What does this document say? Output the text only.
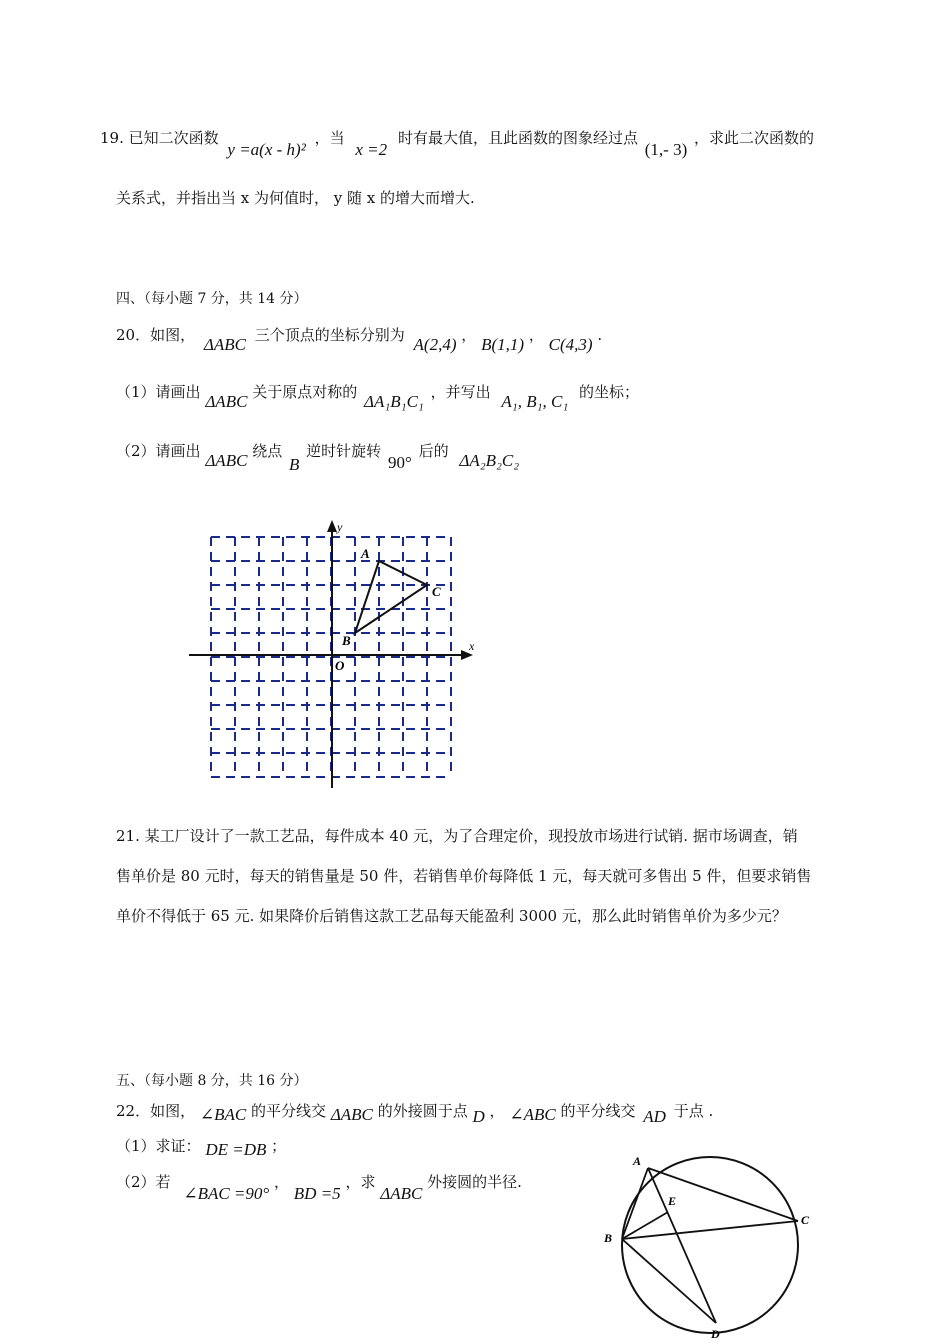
19. 已知二次函数 y =a(x - h)² ，当 x =2 时有最大值，且此函数的图象经过点 (1,- 3) ，求此二次函数的
关系式，并指出当 x 为何值时， y 随 x 的增大而增大.
四、（每小题 7 分，共 14 分）
20．如图， ΔABC 三个顶点的坐标分别为 A(2,4) ， B(1,1) ， C(4,3) .
（1）请画出 ΔABC 关于原点对称的 ΔA₁B₁C₁ ，并写出 A₁, B₁, C₁ 的坐标；
（2）请画出 ΔABC 绕点 B 逆时针旋转 90° 后的 ΔA₂B₂C₂
x
y
O
A
B
C
21. 某工厂设计了一款工艺品，每件成本 40 元，为了合理定价，现投放市场进行试销. 据市场调查，销
售单价是 80 元时，每天的销售量是 50 件，若销售单价每降低 1 元，每天就可多售出 5 件，但要求销售
单价不得低于 65 元. 如果降价后销售这款工艺品每天能盈利 3000 元，那么此时销售单价为多少元？
五、（每小题 8 分，共 16 分）
22．如图， ∠BAC 的平分线交 ΔABC 的外接圆于点 D ， ∠ABC 的平分线交 AD 于点 .
（1）求证： DE =DB ；
（2）若 ∠BAC =90° ， BD =5 ，求 ΔABC 外接圆的半径.
A
B
C
D
E
